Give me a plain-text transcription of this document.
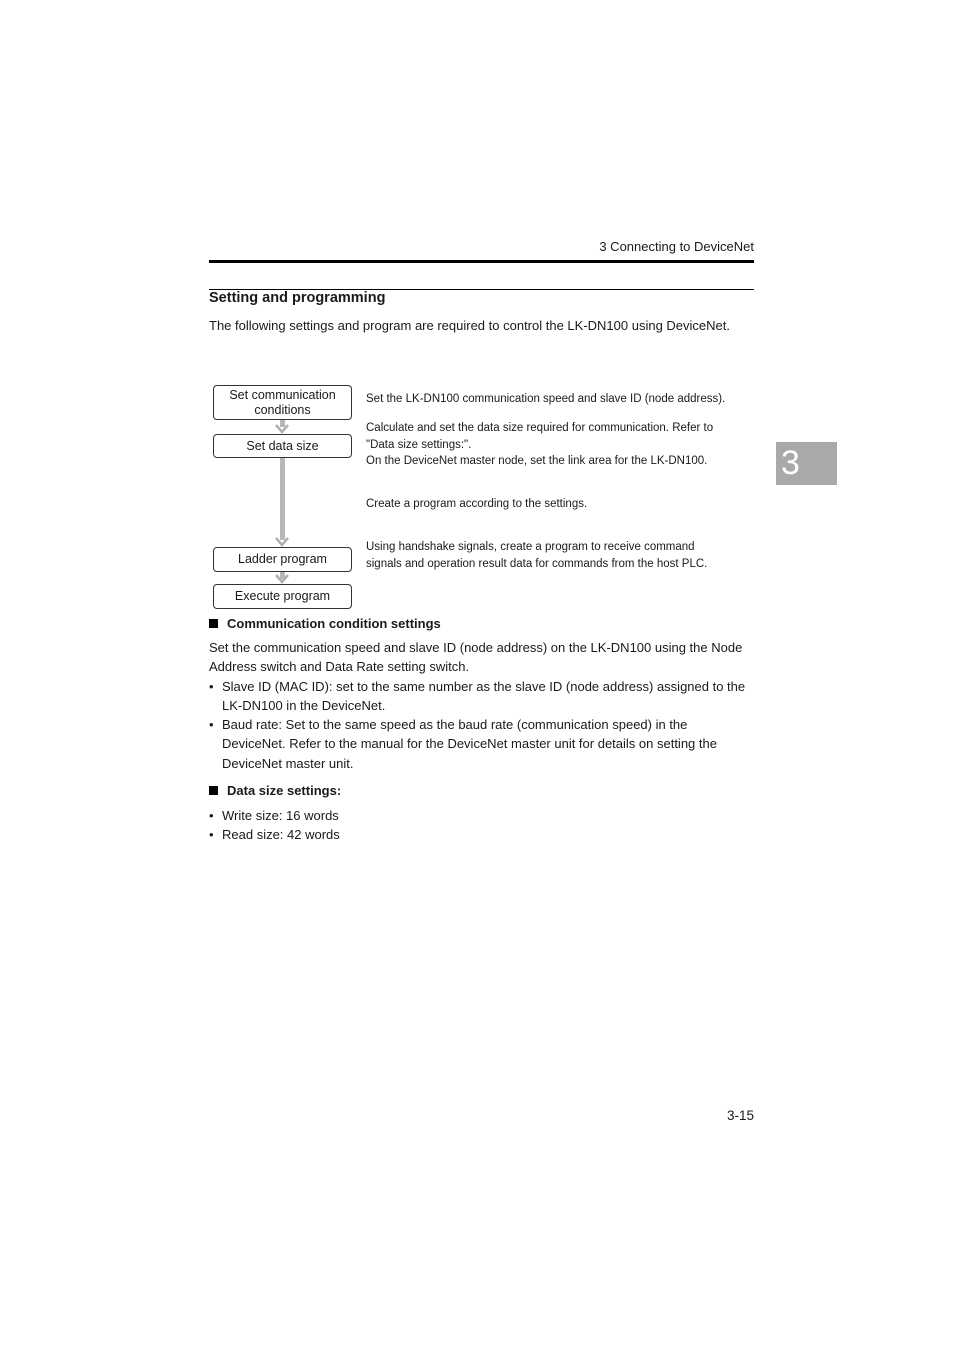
3 Connecting to DeviceNet
Setting and programming
The following settings and program are required to control the LK-DN100 using DeviceNet.
3
Set communication
conditions
Set data size
Ladder program
Execute program
Set the LK-DN100 communication speed and slave ID (node address).
Calculate and set the data size required for communication. Refer to
"Data size settings:".
On the DeviceNet master node, set the link area for the LK-DN100.
Create a program according to the settings.
Using handshake signals, create a program to receive command
signals and operation result data for commands from the host PLC.
Communication condition settings
Set the communication speed and slave ID (node address) on the LK-DN100 using the Node Address switch and Data Rate setting switch.
• Slave ID (MAC ID): set to the same number as the slave ID (node address) assigned to the LK-DN100 in the DeviceNet.
• Baud rate: Set to the same speed as the baud rate (communication speed) in the DeviceNet. Refer to the manual for the DeviceNet master unit for details on setting the DeviceNet master unit.
Data size settings:
• Write size: 16 words
• Read size: 42 words
3-15
